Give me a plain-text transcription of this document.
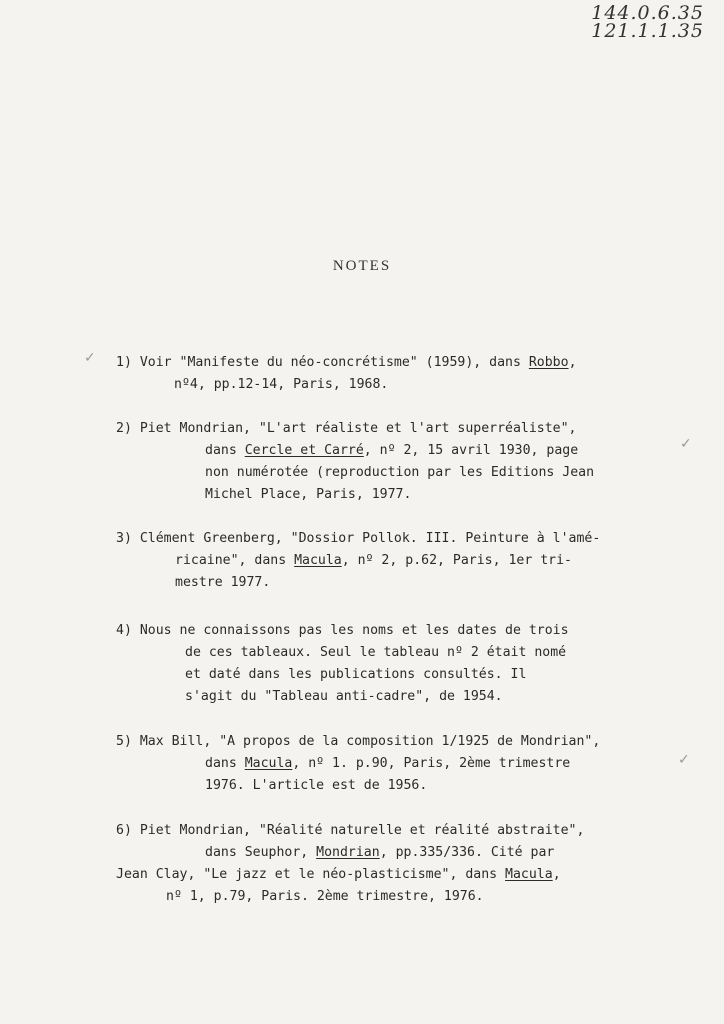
144.0.6.35
121.1.1.35
NOTES
1) Voir "Manifeste du néo-concrétisme" (1959), dans Robbo,
nº4, pp.12-14, Paris, 1968.
2) Piet Mondrian, "L'art réaliste et l'art superréaliste",
dans Cercle et Carré, nº 2, 15 avril 1930, page
non numérotée (reproduction par les Editions Jean
Michel Place, Paris, 1977.
3) Clément Greenberg, "Dossior Pollok. III. Peinture à l'amé-
ricaine", dans Macula, nº 2, p.62, Paris, 1er tri-
mestre 1977.
4) Nous ne connaissons pas les noms et les dates de trois
de ces tableaux. Seul le tableau nº 2 était nomé
et daté dans les publications consultés. Il
s'agit du "Tableau anti-cadre", de 1954.
5) Max Bill, "A propos de la composition 1/1925 de Mondrian",
dans Macula, nº 1. p.90, Paris, 2ème trimestre
1976. L'article est de 1956.
6) Piet Mondrian, "Réalité naturelle et réalité abstraite",
dans Seuphor, Mondrian, pp.335/336. Cité par
Jean Clay, "Le jazz et le néo-plasticisme", dans Macula,
nº 1, p.79, Paris. 2ème trimestre, 1976.
✓
✓
✓
